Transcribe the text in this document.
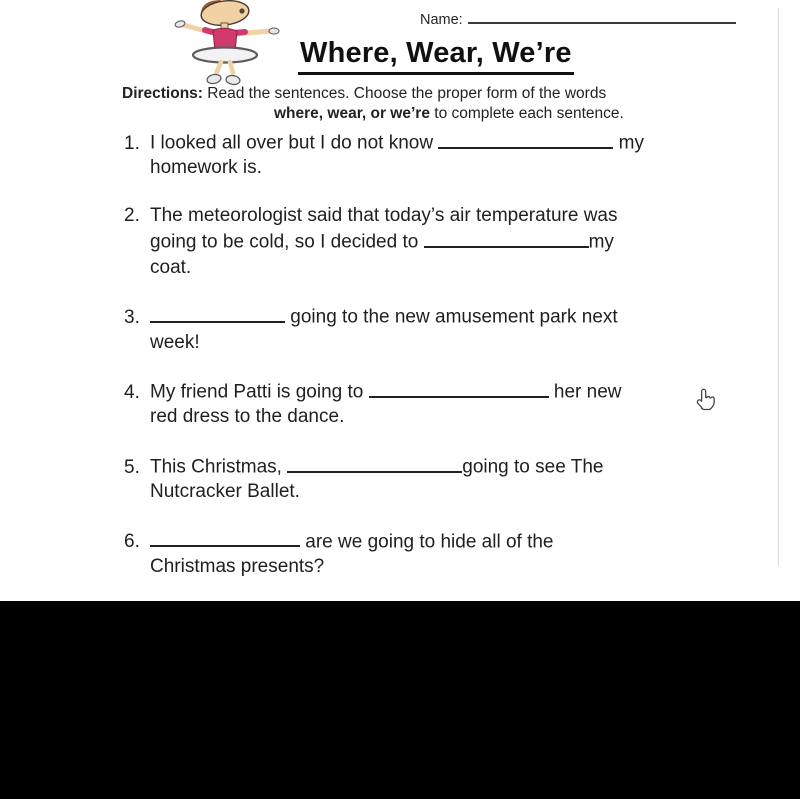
Name:
Where, Wear, We’re
Directions: Read the sentences. Choose the proper form of the words
where, wear, or we’re to complete each sentence.
1. I looked all over but I do not know	my
homework is.
2. The meteorologist said that today’s air temperature was
going to be cold, so I decided to	my
coat.
3.	going to the new amusement park next
week!
4. My friend Patti is going to	her new
red dress to the dance.
5. This Christmas,	going to see The
Nutcracker Ballet.
6.	are we going to hide all of the
Christmas presents?
